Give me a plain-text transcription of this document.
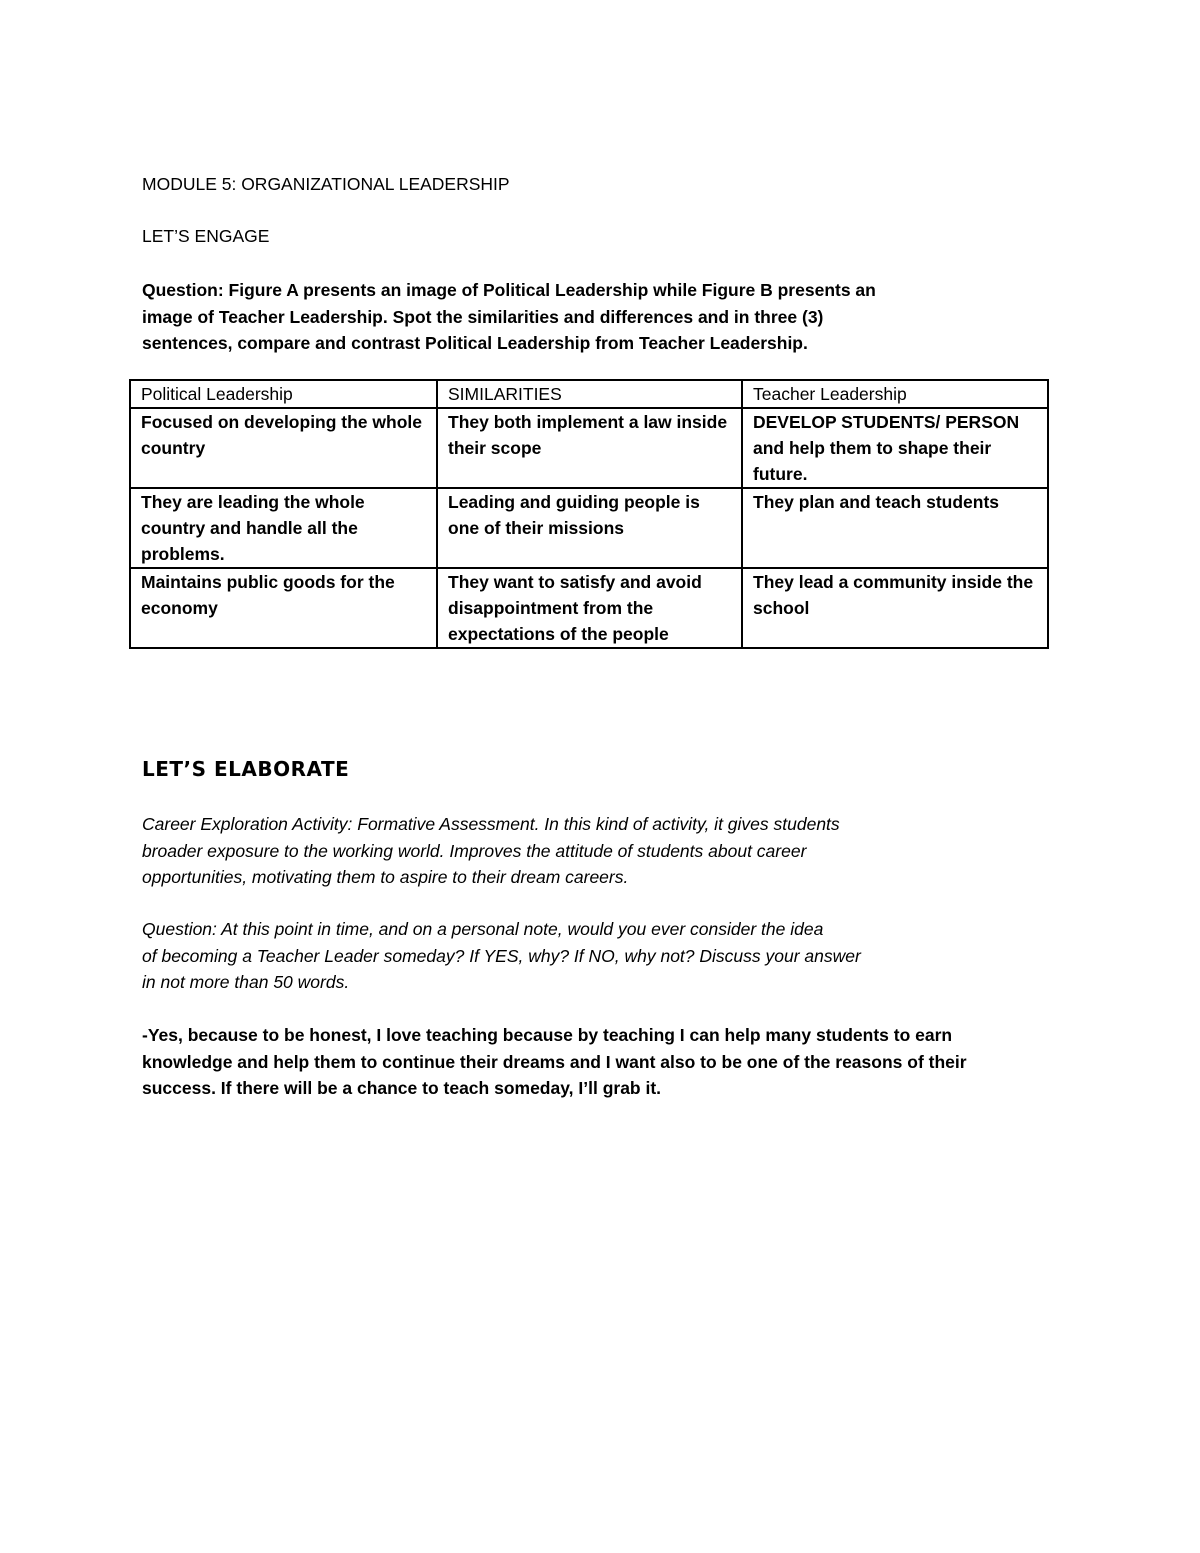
MODULE 5: ORGANIZATIONAL LEADERSHIP
LET’S ENGAGE
Question: Figure A presents an image of Political Leadership while Figure B presents an
image of Teacher Leadership. Spot the similarities and differences and in three (3)
sentences, compare and contrast Political Leadership from Teacher Leadership.
Political Leadership	SIMILARITIES	Teacher Leadership
Focused on developing the whole country	They both implement a law inside their scope	DEVELOP STUDENTS/ PERSON and help them to shape their future.
They are leading the whole country and handle all the problems.	Leading and guiding people is one of their missions	They plan and teach students
Maintains public goods for the economy	They want to satisfy and avoid disappointment from the expectations of the people	They lead a community inside the school
LET’S ELABORATE
Career Exploration Activity: Formative Assessment. In this kind of activity, it gives students
broader exposure to the working world. Improves the attitude of students about career
opportunities, motivating them to aspire to their dream careers.
Question: At this point in time, and on a personal note, would you ever consider the idea
of becoming a Teacher Leader someday? If YES, why? If NO, why not? Discuss your answer
in not more than 50 words.
-Yes, because to be honest, I love teaching because by teaching I can help many students to earn
knowledge and help them to continue their dreams and I want also to be one of the reasons of their
success. If there will be a chance to teach someday, I’ll grab it.
